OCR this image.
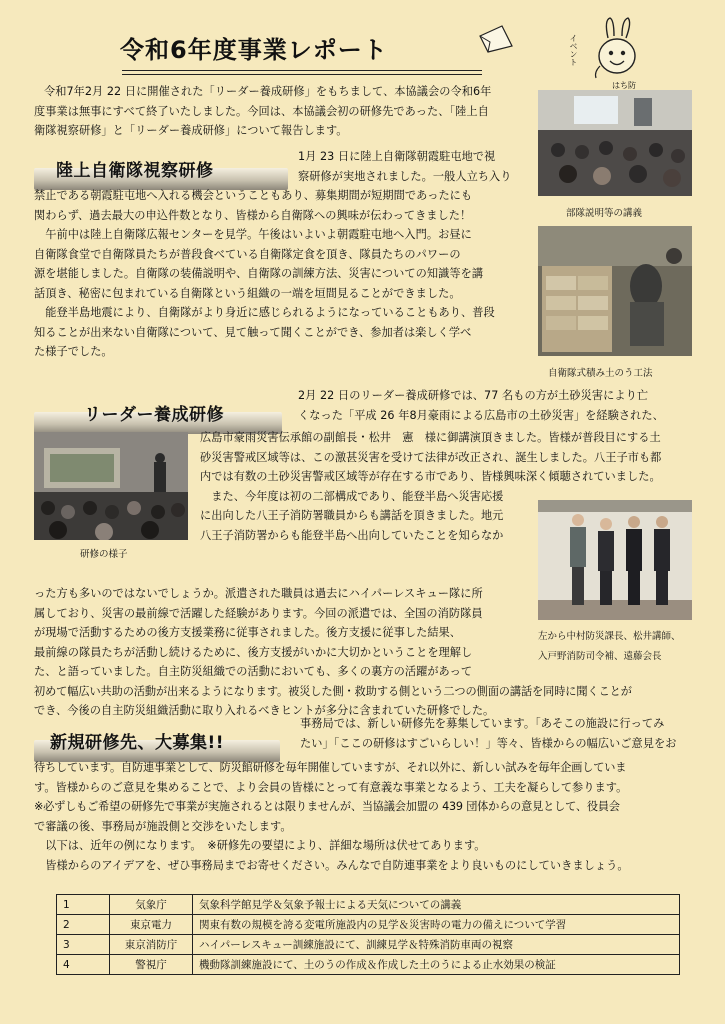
令和6年度事業レポート	イベント
はち防

令和7年2月 22 日に開催された「リーダー養成研修」をもちまして、本協議会の令和6年

度事業は無事にすべて終了いたしました。今回は、本協議会初の研修先であった、「陸上自

衛隊視察研修」と「リーダー養成研修」について報告します。

陸上自衛隊視察研修

1月 23 日に陸上自衛隊朝霞駐屯地で視

察研修が実地されました。一般人立ち入り

禁止である朝霞駐屯地へ入れる機会ということもあり、募集期間が短期間であったにも

関わらず、過去最大の申込件数となり、皆様から自衛隊への興味が伝わってきました！

　午前中は陸上自衛隊広報センターを見学。午後はいよいよ朝霞駐屯地へ入門。お昼に

自衛隊食堂で自衛隊員たちが普段食べている自衛隊定食を頂き、隊員たちのパワーの

源を堪能しました。自衛隊の装備説明や、自衛隊の訓練方法、災害についての知識等を講

話頂き、秘密に包まれている自衛隊という組織の一端を垣間見ることができました。

　能登半島地震により、自衛隊がより身近に感じられるようになっていることもあり、普段

知ることが出来ない自衛隊について、見て触って聞くことができ、参加者は楽しく学べ

た様子でした。

部隊説明等の講義
自衛隊式積み土のう工法
リーダー養成研修

2月 22 日のリーダー養成研修では、77 名もの方が土砂災害により亡

くなった「平成 26 年8月豪雨による広島市の土砂災害」を経験された、

広島市豪雨災害伝承館の副館長・松井　憲　様に御講演頂きました。皆様が普段目にする土

砂災害警戒区域等は、この激甚災害を受けて法律が改正され、誕生しました。八王子市も都

内では有数の土砂災害警戒区域等が存在する市であり、皆様興味深く傾聴されていました。

　また、今年度は初の二部構成であり、能登半島へ災害応援

に出向した八王子消防署職員からも講話を頂きました。地元

八王子消防署からも能登半島へ出向していたことを知らなか

った方も多いのではないでしょうか。派遣された職員は過去にハイパーレスキュー隊に所

属しており、災害の最前線で活躍した経験があります。今回の派遣では、全国の消防隊員

が現場で活動するための後方支援業務に従事されました。後方支援に従事した結果、

最前線の隊員たちが活動し続けるために、後方支援がいかに大切かということを理解し

た、と語っていました。自主防災組織での活動においても、多くの裏方の活躍があって

初めて幅広い共助の活動が出来るようになります。被災した側・救助する側という二つの側面の講話を同時に聞くことが

でき、今後の自主防災組織活動に取り入れるべきヒントが多分に含まれていた研修でした。

研修の様子
左から中村防災課長、松井講師、
入戸野消防司令補、遠藤会長
新規研修先、大募集!!

事務局では、新しい研修先を募集しています。「あそこの施設に行ってみ

たい」「ここの研修はすごいらしい！」等々、皆様からの幅広いご意見をお

待ちしています。自防連事業として、防災館研修を毎年開催していますが、それ以外に、新しい試みを毎年企画していま

す。皆様からのご意見を集めることで、より会員の皆様にとって有意義な事業となるよう、工夫を凝らして参ります。

※必ずしもご希望の研修先で事業が実施されるとは限りませんが、当協議会加盟の 439 団体からの意見として、役員会

で審議の後、事務局が施設側と交渉をいたします。

　以下は、近年の例になります。　※研修先の要望により、詳細な場所は伏せてあります。

　皆様からのアイデアを、ぜひ事務局までお寄せください。みんなで自防連事業をより良いものにしていきましょう。

1	気象庁	気象科学館見学＆気象予報士による天気についての講義
2	東京電力	関東有数の規模を誇る変電所施設内の見学＆災害時の電力の備えについて学習
3	東京消防庁	ハイパーレスキュー訓練施設にて、訓練見学＆特殊消防車両の視察
4	警視庁	機動隊訓練施設にて、土のうの作成＆作成した土のうによる止水効果の検証
